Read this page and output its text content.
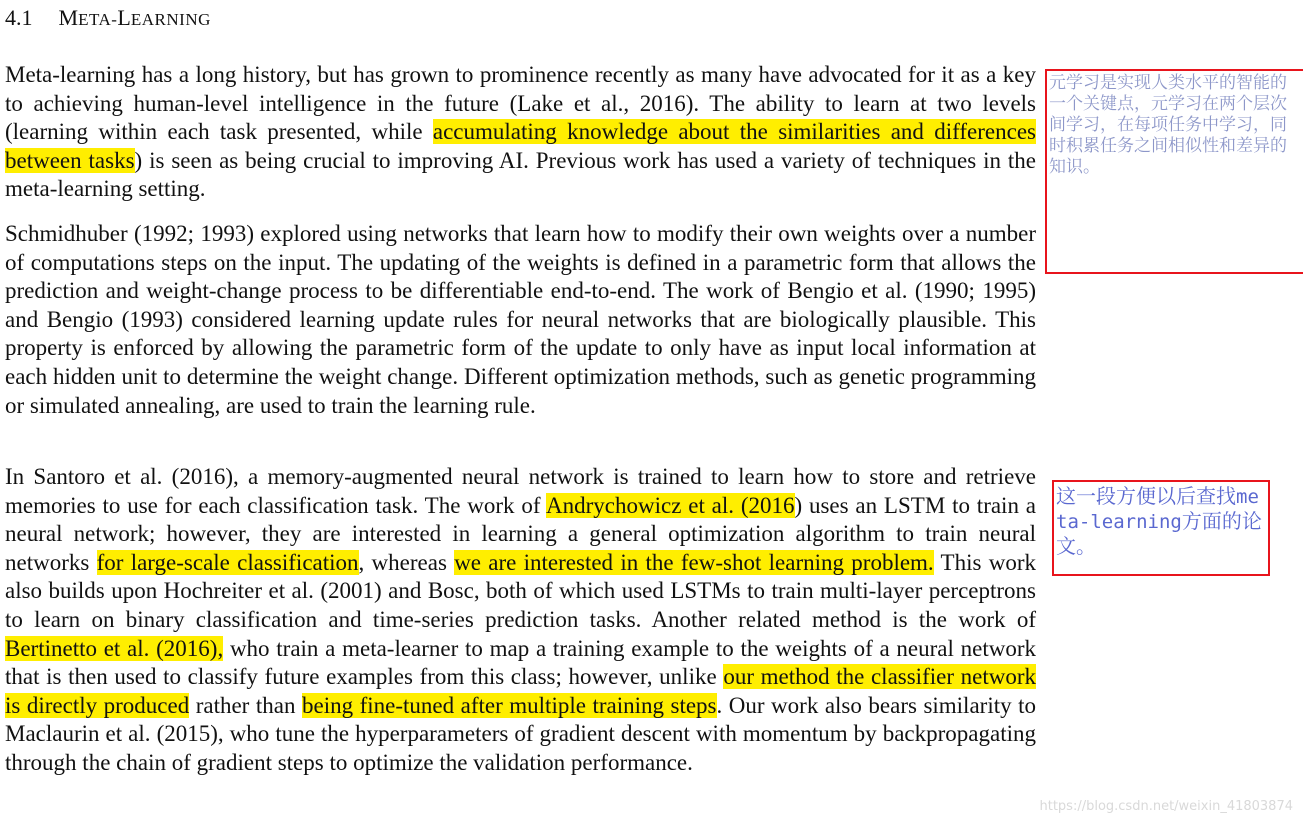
4.1 META-LEARNING

Meta-learning has a long history, but has grown to prominence recently as many have advocated for it as a key to achieving human-level intelligence in the future (Lake et al., 2016). The ability to learn at two levels (learning within each task presented, while accumulating knowledge about the similarities and differences between tasks) is seen as being crucial to improving AI. Previous work has used a variety of techniques in the meta-learning setting.

Schmidhuber (1992; 1993) explored using networks that learn how to modify their own weights over a number of computations steps on the input. The updating of the weights is defined in a parametric form that allows the prediction and weight-change process to be differentiable end-to-end. The work of Bengio et al. (1990; 1995) and Bengio (1993) considered learning update rules for neural networks that are biologically plausible. This property is enforced by allowing the parametric form of the update to only have as input local information at each hidden unit to determine the weight change. Different optimization methods, such as genetic programming or simulated annealing, are used to train the learning rule.

In Santoro et al. (2016), a memory-augmented neural network is trained to learn how to store and retrieve memories to use for each classification task. The work of Andrychowicz et al. (2016) uses an LSTM to train a neural network; however, they are interested in learning a general optimization algorithm to train neural networks for large-scale classification, whereas we are interested in the few-shot learning problem. This work also builds upon Hochreiter et al. (2001) and Bosc, both of which used LSTMs to train multi-layer perceptrons to learn on binary classification and time-series prediction tasks. Another related method is the work of Bertinetto et al. (2016), who train a meta-learner to map a training example to the weights of a neural network that is then used to classify future examples from this class; however, unlike our method the classifier network is directly produced rather than being fine-tuned after multiple training steps. Our work also bears similarity to Maclaurin et al. (2015), who tune the hyperparameters of gradient descent with momentum by backpropagating through the chain of gradient steps to optimize the validation performance.

元学习是实现人类水平的智能的一个关键点，元学习在两个层次间学习，在每项任务中学习，同时积累任务之间相似性和差异的知识。
这一段方便以后查找meta-learning方面的论文。
https://blog.csdn.net/weixin_41803874
